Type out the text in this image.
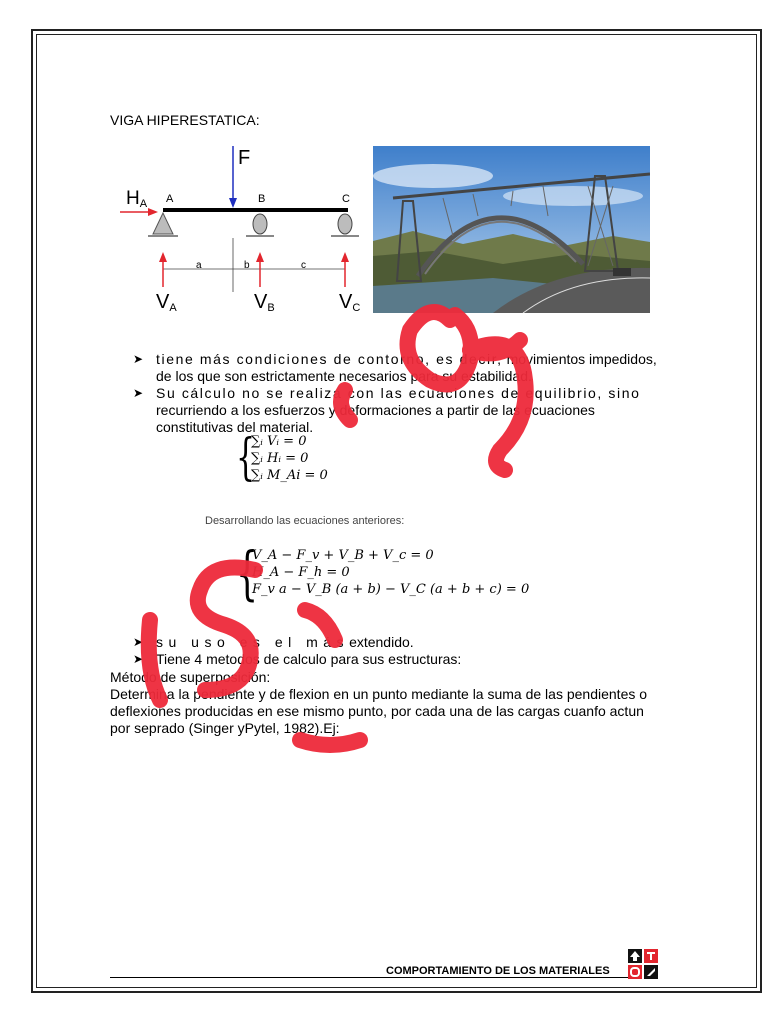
VIGA HIPERESTATICA:
F
HA A	B	C
a	b	c
VA	VB	VC
➤ tiene más condiciones de contorno, es decir, movimientos impedidos, de los que son estrictamente necesarios para su estabilidad.
➤ Su cálculo no se realiza con las ecuaciones de equilibrio, sino recurriendo a los esfuerzos y deformaciones a partir de las ecuaciones constitutivas del material.
{
∑ᵢ Vᵢ = 0
∑ᵢ Hᵢ = 0
∑ᵢ M_Ai = 0
Desarrollando las ecuaciones anteriores:
{
V_A − F_v + V_B + V_c = 0
H_A − F_h = 0
F_v a − V_B (a + b) − V_C (a + b + c) = 0
➤ su uso es el másextendido.
➤ Tiene 4 metodos de calculo para sus estructuras:
Método de superposición:
Determina la pendiente y de flexion en un punto mediante la suma de las pendientes o deflexiones producidas en ese mismo punto, por cada una de las cargas cuanfo actun por seprado (Singer yPytel, 1982).Ej:
COMPORTAMIENTO DE LOS MATERIALES
